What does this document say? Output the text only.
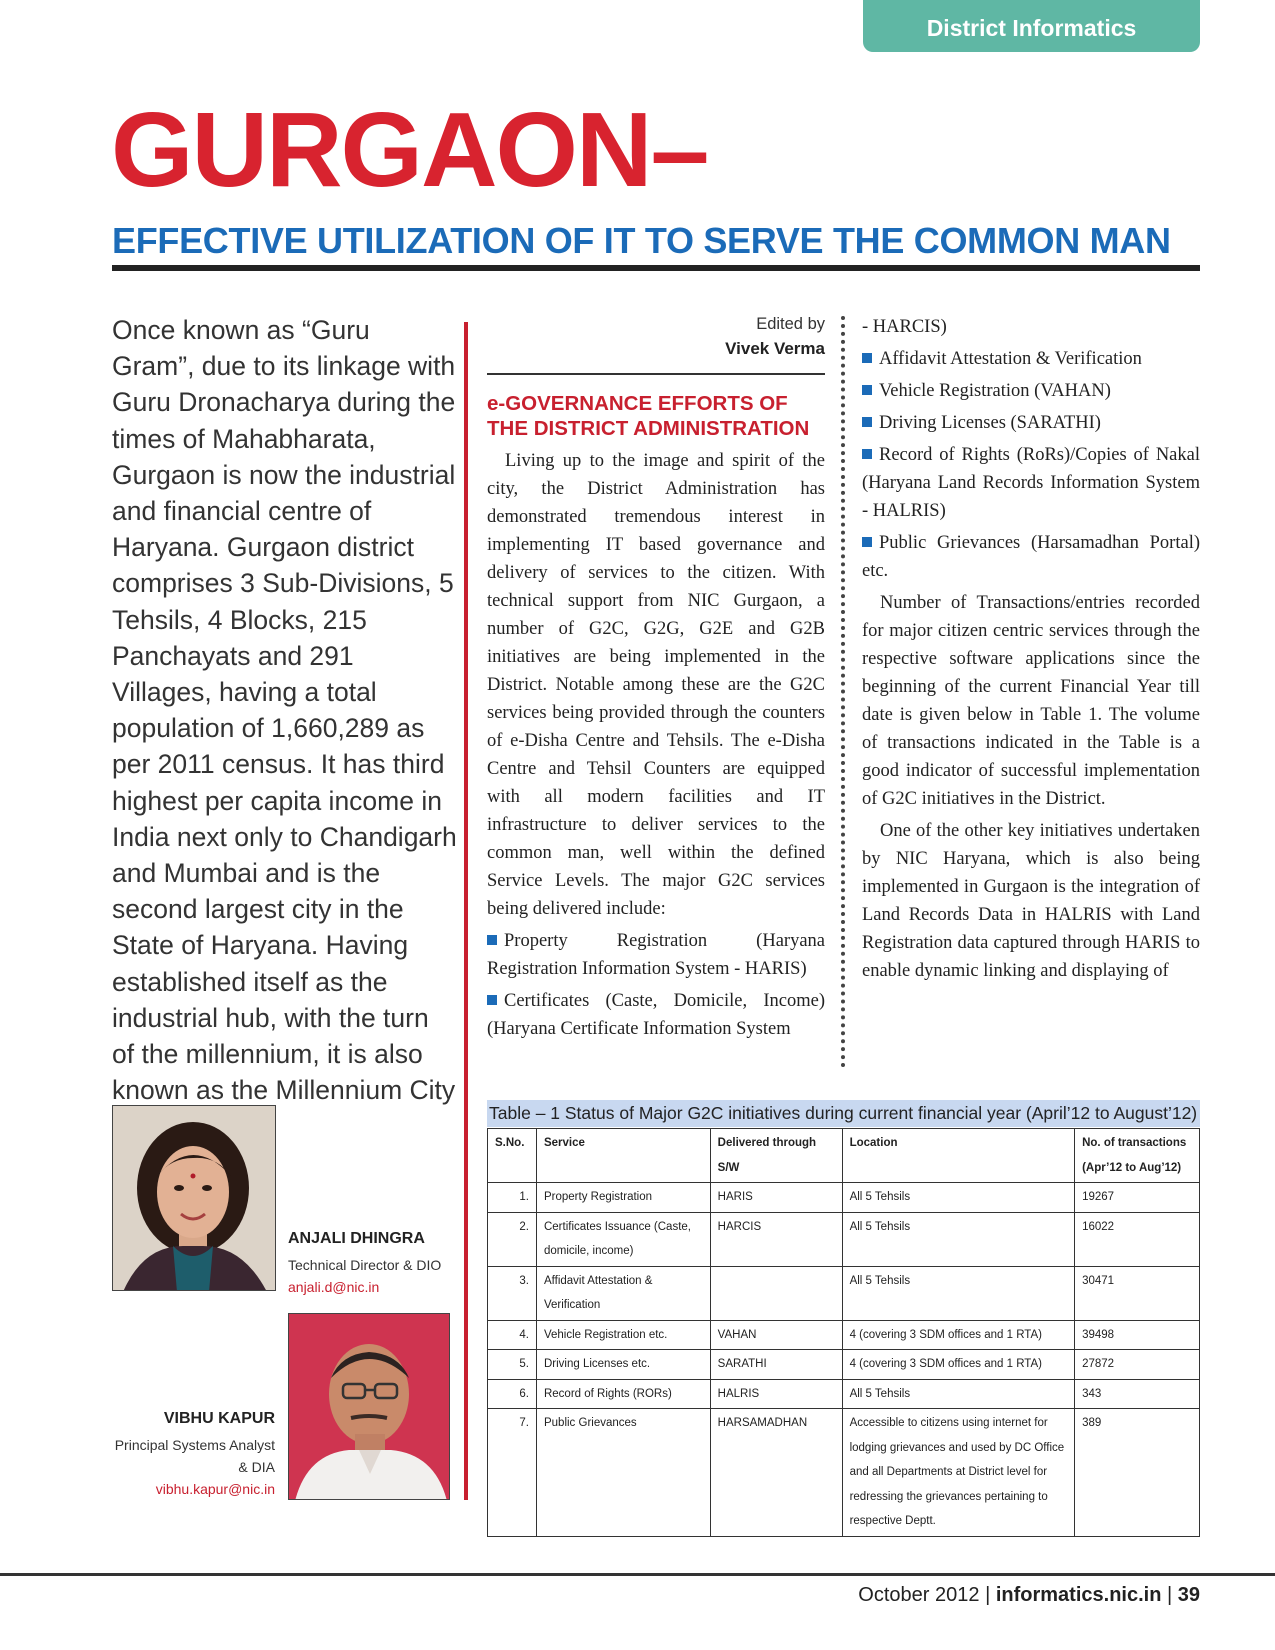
District Informatics
GURGAON–
EFFECTIVE UTILIZATION OF IT TO SERVE THE COMMON MAN
Once known as “Guru Gram”, due to its linkage with Guru Dronacharya during the times of Mahabharata, Gurgaon is now the industrial and financial centre of Haryana. Gurgaon district comprises 3 Sub-Divisions, 5 Tehsils, 4 Blocks, 215 Panchayats and 291 Villages, having a total population of 1,660,289 as per 2011 census. It has third highest per capita income in India next only to Chandigarh and Mumbai and is the second largest city in the State of Haryana. Having established itself as the industrial hub, with the turn of the millennium, it is also known as the Millennium City
Edited by
Vivek Verma
e-GOVERNANCE EFFORTS OF THE DISTRICT ADMINISTRATION

Living up to the image and spirit of the city, the District Administration has demonstrated tremendous interest in implementing IT based governance and delivery of services to the citizen. With technical support from NIC Gurgaon, a number of G2C, G2G, G2E and G2B initiatives are being implemented in the District. Notable among these are the G2C services being provided through the counters of e-Disha Centre and Tehsils. The e-Disha Centre and Tehsil Counters are equipped with all modern facilities and IT infrastructure to deliver services to the common man, well within the defined Service Levels. The major G2C services being delivered include:

Property Registration (Haryana Registration Information System - HARIS)

Certificates (Caste, Domicile, Income) (Haryana Certificate Information System

- HARCIS)

Affidavit Attestation & Verification

Vehicle Registration (VAHAN)

Driving Licenses (SARATHI)

Record of Rights (RoRs)/Copies of Nakal (Haryana Land Records Information System - HALRIS)

Public Grievances (Harsamadhan Portal) etc.

Number of Transactions/entries recorded for major citizen centric services through the respective software applications since the beginning of the current Financial Year till date is given below in Table 1. The volume of transactions indicated in the Table is a good indicator of successful implementation of G2C initiatives in the District.

One of the other key initiatives undertaken by NIC Haryana, which is also being implemented in Gurgaon is the integration of Land Records Data in HALRIS with Land Registration data captured through HARIS to enable dynamic linking and displaying of

Table – 1 Status of Major G2C initiatives during current financial year (April’12 to August’12)
S.No.	Service	Delivered through S/W	Location	No. of transactions (Apr’12 to Aug’12)
1.	Property Registration	HARIS	All 5 Tehsils	19267
2.	Certificates Issuance (Caste, domicile, income)	HARCIS	All 5 Tehsils	16022
3.	Affidavit Attestation & Verification		All 5 Tehsils	30471
4.	Vehicle Registration etc.	VAHAN	4 (covering 3 SDM offices and 1 RTA)	39498
5.	Driving Licenses etc.	SARATHI	4 (covering 3 SDM offices and 1 RTA)	27872
6.	Record of Rights (RORs)	HALRIS	All 5 Tehsils	343
7.	Public Grievances	HARSAMADHAN	Accessible to citizens using internet for lodging grievances and used by DC Office and all Departments at District level for redressing the grievances pertaining to respective Deptt.	389
ANJALI DHINGRA
Technical Director & DIO
anjali.d@nic.in
VIBHU KAPUR
Principal Systems Analyst & DIA
vibhu.kapur@nic.in
October 2012 | informatics.nic.in | 39
